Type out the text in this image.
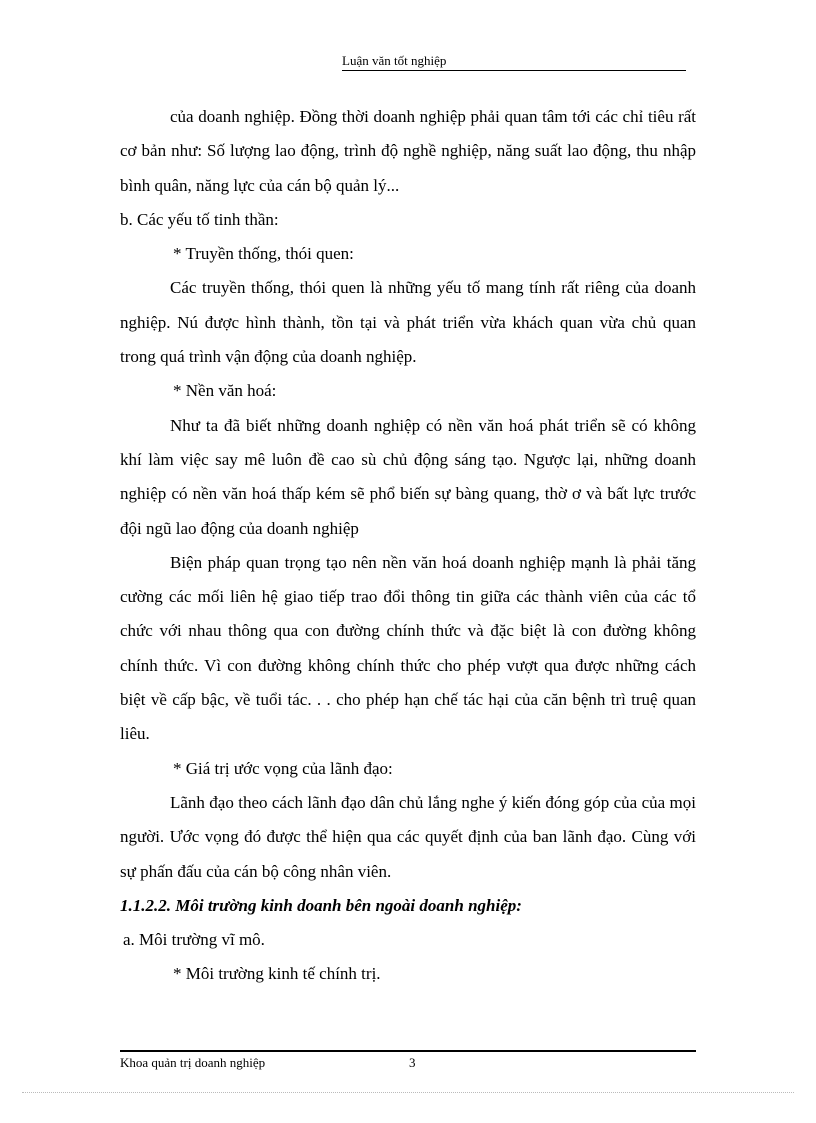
Luận văn tốt nghiệp

của doanh nghiệp. Đồng thời doanh nghiệp phải quan tâm tới các chỉ tiêu rất cơ bản như: Số lượng lao động, trình độ nghề nghiệp, năng suất lao động, thu nhập bình quân, năng lực của cán bộ quản lý...

b. Các yếu tố tinh thần:

* Truyền thống, thói quen:

Các truyền thống, thói quen là những yếu tố mang tính rất riêng của doanh nghiệp. Nú được hình thành, tồn tại và phát triển vừa khách quan vừa chủ quan trong quá trình vận động của doanh nghiệp.

* Nền văn hoá:

Như ta đã biết những doanh nghiệp có nền văn hoá phát triển sẽ có không khí làm việc say mê luôn đề cao sù chủ động sáng tạo. Ngược lại, những doanh nghiệp có nền văn hoá thấp kém sẽ phổ biến sự bàng quang, thờ ơ và bất lực trước đội ngũ lao động của doanh nghiệp

Biện pháp quan trọng tạo nên nền văn hoá doanh nghiệp mạnh là phải tăng cường các mối liên hệ giao tiếp trao đổi thông tin giữa các thành viên của các tổ chức với nhau thông qua con đường chính thức và đặc biệt là con đường không chính thức. Vì con đường không chính thức cho phép vượt qua được những cách biệt về cấp bậc, về tuổi tác. . . cho phép hạn chế tác hại của căn bệnh trì truệ quan liêu.

* Giá trị ước vọng của lãnh đạo:

Lãnh đạo theo cách lãnh đạo dân chủ lắng nghe ý kiến đóng góp của của mọi người. Ước vọng đó được thể hiện qua các quyết định của ban lãnh đạo. Cùng với sự phấn đấu của cán bộ công nhân viên.

1.1.2.2. Môi trường kinh doanh bên ngoài doanh nghiệp:

a. Môi trường vĩ mô.

* Môi trường kinh tế chính trị.

Khoa quản trị doanh nghiệp	3
